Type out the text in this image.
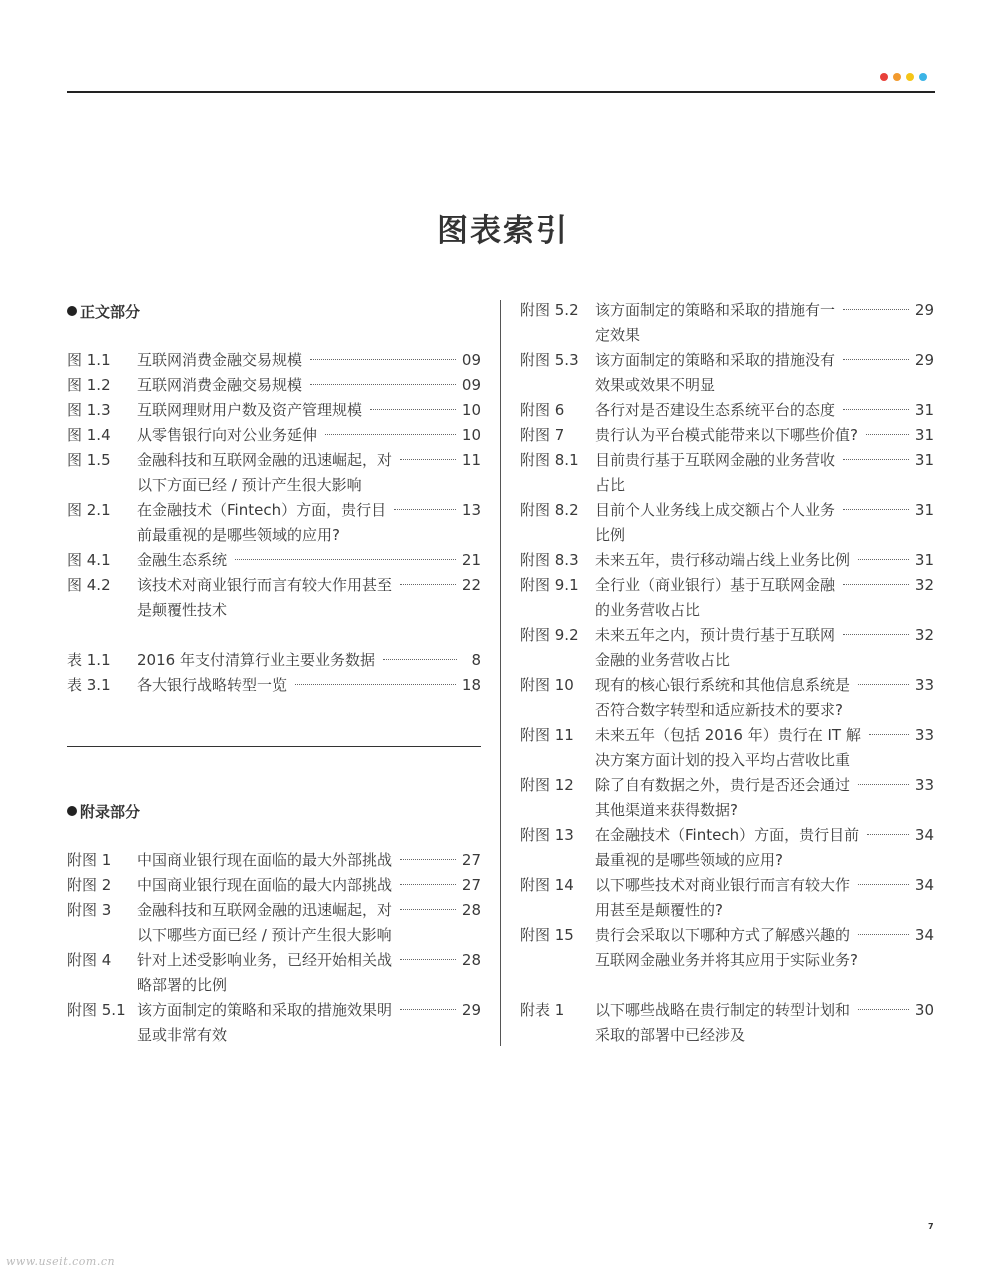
图表索引
正文部分
附录部分
图 1.1 互联网消费金融交易规模	09
图 1.2 互联网消费金融交易规模	09
图 1.3 互联网理财用户数及资产管理规模	10
图 1.4 从零售银行向对公业务延伸	10
图 1.5 金融科技和互联网金融的迅速崛起，对	11
以下方面已经 / 预计产生很大影响
图 2.1 在金融技术（Fintech）方面，贵行目	13
前最重视的是哪些领域的应用?
图 4.1 金融生态系统	21
图 4.2 该技术对商业银行而言有较大作用甚至	22
是颠覆性技术
表 1.1 2016 年支付清算行业主要业务数据	8
表 3.1 各大银行战略转型一览	18
附图 1 中国商业银行现在面临的最大外部挑战	27
附图 2 中国商业银行现在面临的最大内部挑战	27
附图 3 金融科技和互联网金融的迅速崛起，对	28
以下哪些方面已经 / 预计产生很大影响
附图 4 针对上述受影响业务，已经开始相关战	28
略部署的比例
附图 5.1 该方面制定的策略和采取的措施效果明	29
显或非常有效
附图 5.2 该方面制定的策略和采取的措施有一	29
定效果
附图 5.3 该方面制定的策略和采取的措施没有	29
效果或效果不明显
附图 6 各行对是否建设生态系统平台的态度	31
附图 7 贵行认为平台模式能带来以下哪些价值?	31
附图 8.1 目前贵行基于互联网金融的业务营收	31
占比
附图 8.2 目前个人业务线上成交额占个人业务	31
比例
附图 8.3 未来五年，贵行移动端占线上业务比例	31
附图 9.1 全行业（商业银行）基于互联网金融	32
的业务营收占比
附图 9.2 未来五年之内，预计贵行基于互联网	32
金融的业务营收占比
附图 10 现有的核心银行系统和其他信息系统是	33
否符合数字转型和适应新技术的要求?
附图 11 未来五年（包括 2016 年）贵行在 IT 解	33
决方案方面计划的投入平均占营收比重
附图 12 除了自有数据之外，贵行是否还会通过	33
其他渠道来获得数据?
附图 13 在金融技术（Fintech）方面，贵行目前	34
最重视的是哪些领域的应用?
附图 14 以下哪些技术对商业银行而言有较大作	34
用甚至是颠覆性的?
附图 15 贵行会采取以下哪种方式了解感兴趣的	34
互联网金融业务并将其应用于实际业务?
附表 1 以下哪些战略在贵行制定的转型计划和	30
采取的部署中已经涉及
7
www.useit.com.cn
